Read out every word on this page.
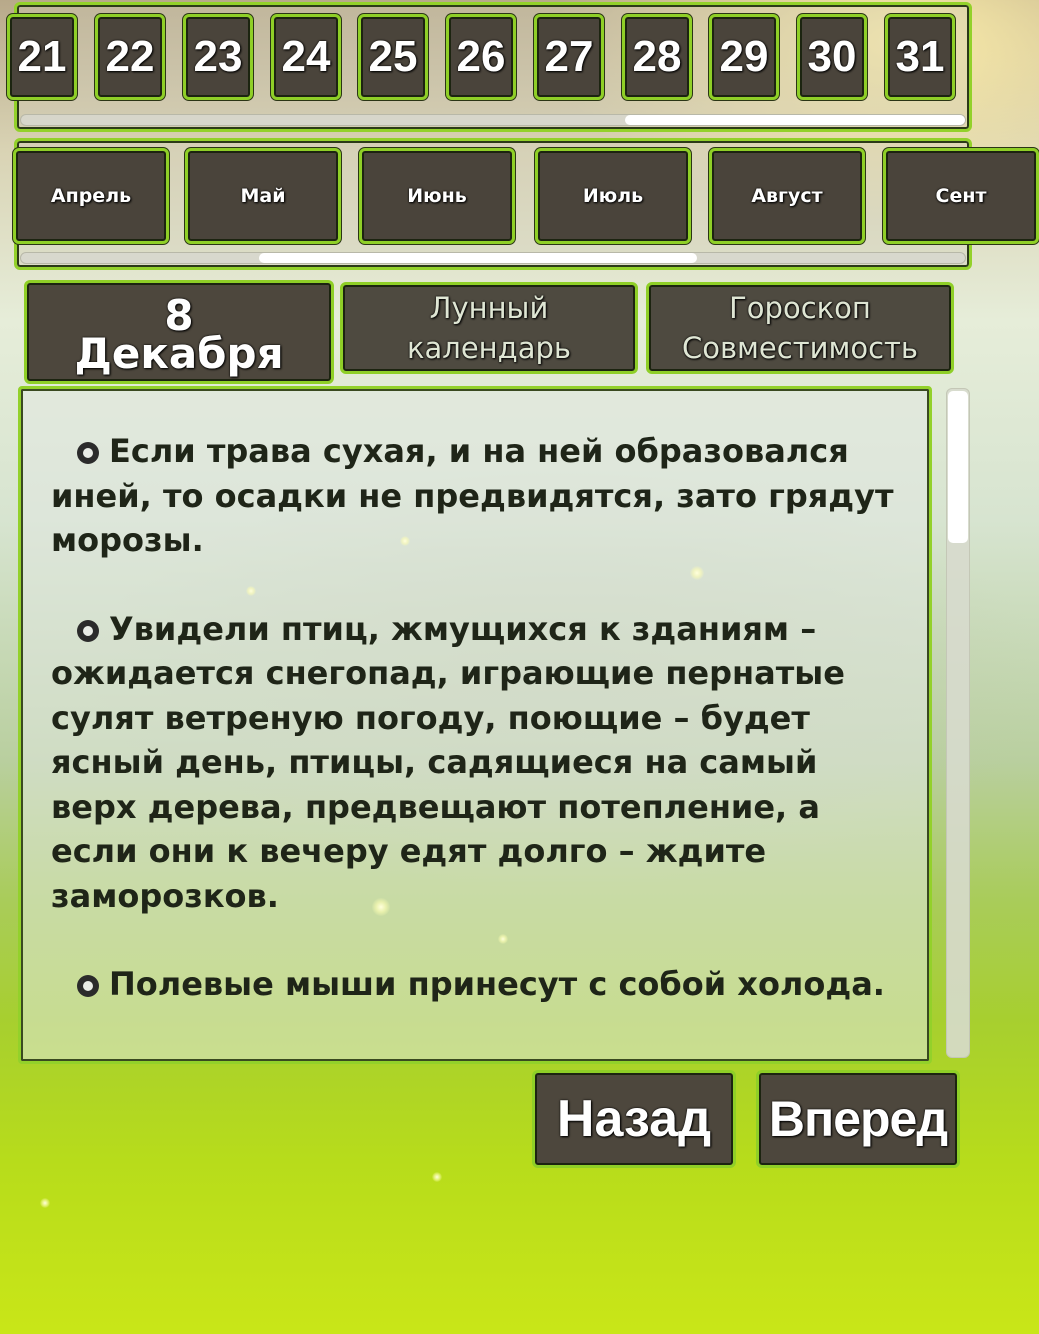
21 22 23 24 25 26 27 28 29 30 31
Апрель	Май	Июнь	Июль	Август	Сент
8
Декабря
Лунный
календарь
Гороскоп
Совместимость

Если трава сухая, и на ней образовался иней, то осадки не предвидятся, зато грядут морозы.

Увидели птиц, жмущихся к зданиям – ожидается снегопад, играющие пернатые сулят ветреную погоду, поющие – будет ясный день, птицы, садящиеся на самый верх дерева, предвещают потепление, а если они к вечеру едят долго – ждите заморозков.

Полевые мыши принесут с собой холода.

Назад	Вперед
